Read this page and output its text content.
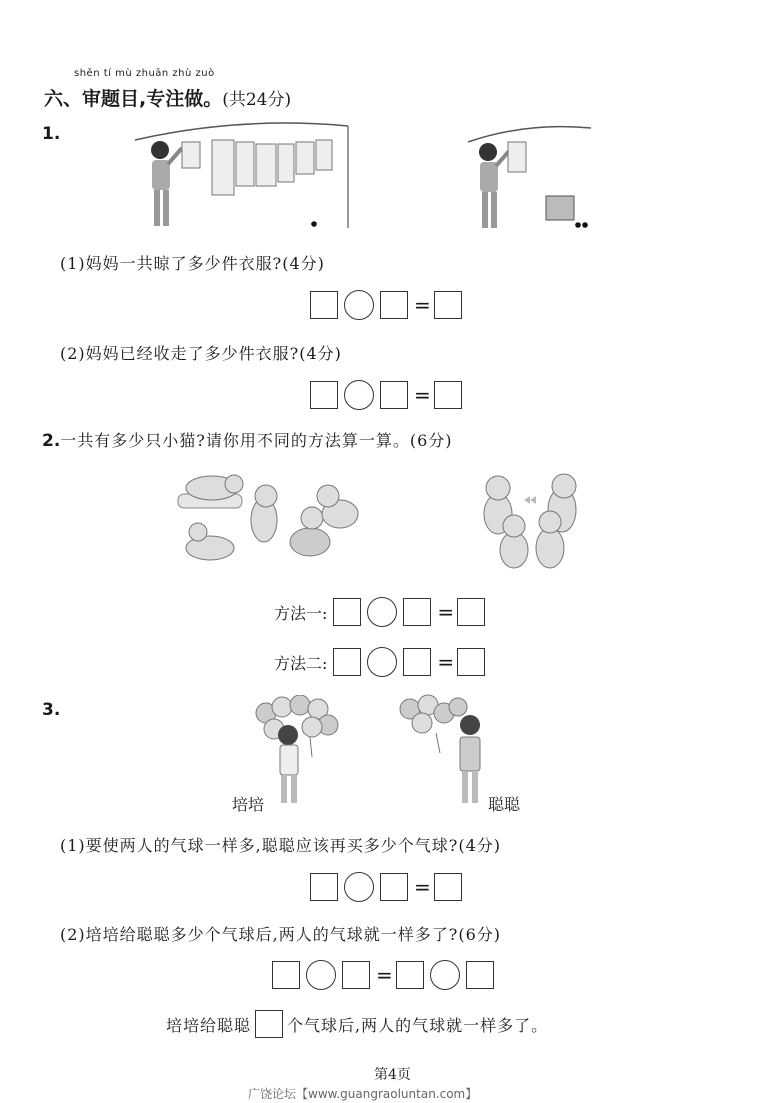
shěn tí mù zhuān zhù zuò
六、审题目,专注做。(共24分)
1.
(1)妈妈一共晾了多少件衣服?(4分)
=
(2)妈妈已经收走了多少件衣服?(4分)
=
2.一共有多少只小猫?请你用不同的方法算一算。(6分)
方法一:	=
方法二:	=
3.
培培	聪聪
(1)要使两人的气球一样多,聪聪应该再买多少个气球?(4分)
=
(2)培培给聪聪多少个气球后,两人的气球就一样多了?(6分)
=
培培给聪聪 个气球后,两人的气球就一样多了。
第4页
广饶论坛【www.guangraoluntan.com】
